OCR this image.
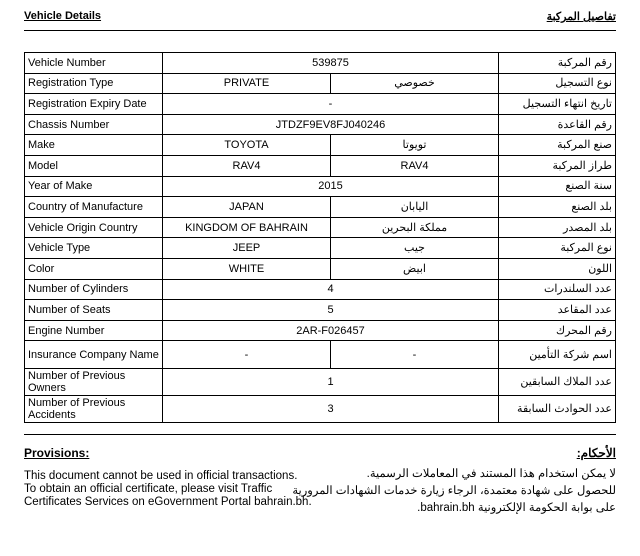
Vehicle Details	تفاصيل المركبة
Vehicle Number	539875		رقم المركبة
Registration Type	PRIVATE	خصوصي	نوع التسجيل
Registration Expiry Date	-		تاريخ انتهاء التسجيل
Chassis Number	JTDZF9EV8FJ040246		رقم القاعدة
Make	TOYOTA	تويوتا	صنع المركبة
Model	RAV4	RAV4	طراز المركبة
Year of Make	2015		سنة الصنع
Country of Manufacture	JAPAN	اليابان	بلد الصنع
Vehicle Origin Country	KINGDOM OF BAHRAIN	مملكة البحرين	بلد المصدر
Vehicle Type	JEEP	جيب	نوع المركبة
Color	WHITE	ابيض	اللون
Number of Cylinders	4		عدد السلندرات
Number of Seats	5		عدد المقاعد
Engine Number	2AR-F026457		رقم المحرك
Insurance Company Name	-	-	اسم شركة التأمين
Number of Previous Owners	1		عدد الملاك السابقين
Number of Previous Accidents	3		عدد الحوادث السابقة
Provisions:	الأحكام:
This document cannot be used in official transactions.
To obtain an official certificate, please visit Traffic
Certificates Services on eGovernment Portal bahrain.bh.
لا يمكن استخدام هذا المستند في المعاملات الرسمية.
للحصول على شهادة معتمدة، الرجاء زيارة خدمات الشهادات المرورية
على بوابة الحكومة الإلكترونية bahrain.bh.
